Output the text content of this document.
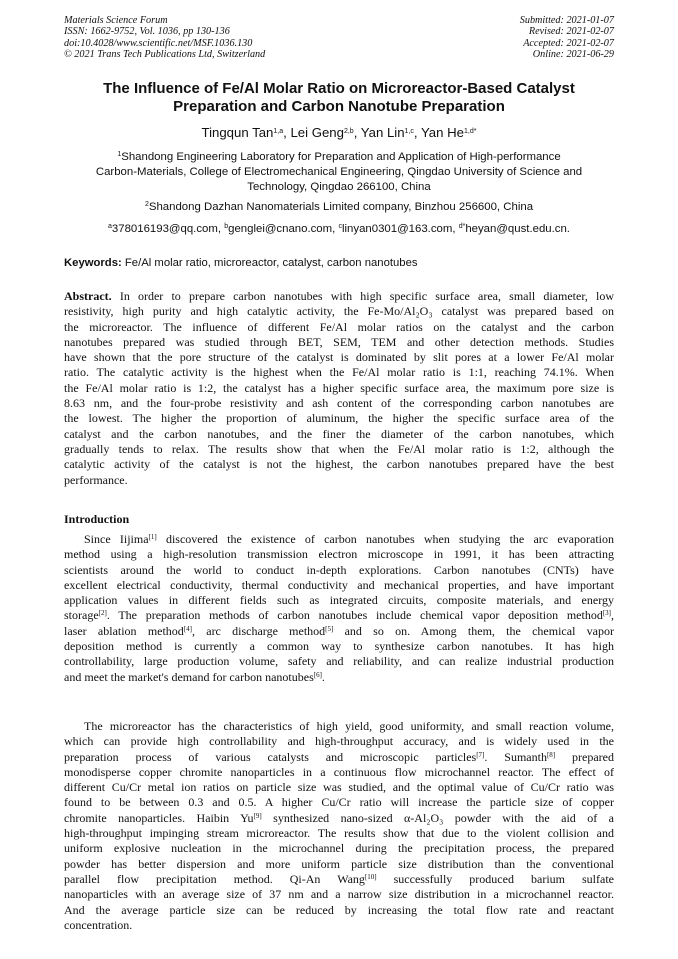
Materials Science Forum
ISSN: 1662-9752, Vol. 1036, pp 130-136
doi:10.4028/www.scientific.net/MSF.1036.130
© 2021 Trans Tech Publications Ltd, Switzerland
Submitted: 2021-01-07
Revised: 2021-02-07
Accepted: 2021-02-07
Online: 2021-06-29
The Influence of Fe/Al Molar Ratio on Microreactor-Based Catalyst
Preparation and Carbon Nanotube Preparation
Tingqun Tan$^{1,a}$, Lei Geng$^{2,b}$, Yan Lin$^{1,c}$, Yan $He^{1,d*}$
$^1$Shandong Engineering Laboratory for Preparation and Application of High-performance
Carbon-Materials, College of Electromechanical Engineering, Qingdao University of Science and
Technology, Qingdao 266100, China
$^2$Shandong Dazhan Nanomaterials Limited company, Binzhou 256600, China
$^a$378016193@qq.com, $^b$genglei@cnano.com, $^c$linyan0301@163.com, $^{d*}$heyan@qust.edu.cn.
Keywords: Fe/Al molar ratio, microreactor, catalyst, carbon nanotubes
Abstract. In order to prepare carbon nanotubes with high specific surface area, small diameter, low
resistivity, high purity and high catalytic activity, the Fe-Mo/Al₂O₃ catalyst was prepared based on
the microreactor. The influence of different Fe/Al molar ratios on the catalyst and the carbon
nanotubes prepared was studied through BET, SEM, TEM and other detection methods. Studies
have shown that the pore structure of the catalyst is dominated by slit pores at a lower Fe/Al molar
ratio. The catalytic activity is the highest when the Fe/Al molar ratio is 1:1, reaching 74.1%. When
the Fe/Al molar ratio is 1:2, the catalyst has a higher specific surface area, the maximum pore size is
8.63 nm, and the four-probe resistivity and ash content of the corresponding carbon nanotubes are
the lowest. The higher the proportion of aluminum, the higher the specific surface area of the
catalyst and the carbon nanotubes, and the finer the diameter of the carbon nanotubes, which
gradually tends to relax. The results show that when the Fe/Al molar ratio is 1:2, although the
catalytic activity of the catalyst is not the highest, the carbon nanotubes prepared have the best
performance.
Introduction
Since Iijima[1] discovered the existence of carbon nanotubes when studying the arc evaporation
method using a high-resolution transmission electron microscope in 1991, it has been attracting
scientists around the world to conduct in-depth explorations. Carbon nanotubes (CNTs) have
excellent electrical conductivity, thermal conductivity and mechanical properties, and have important
application values in different fields such as integrated circuits, composite materials, and energy
storage[2]. The preparation methods of carbon nanotubes include chemical vapor deposition method[3],
laser ablation method[4], arc discharge method[5] and so on. Among them, the chemical vapor
deposition method is currently a common way to synthesize carbon nanotubes. It has high
controllability, large production volume, safety and reliability, and can realize industrial production
and meet the market's demand for carbon nanotubes[6].
The microreactor has the characteristics of high yield, good uniformity, and small reaction volume,
which can provide high controllability and high-throughput accuracy, and is widely used in the
preparation process of various catalysts and microscopic particles[7]. Sumanth[8] prepared
monodisperse copper chromite nanoparticles in a continuous flow microchannel reactor. The effect of
different Cu/Cr metal ion ratios on particle size was studied, and the optimal value of Cu/Cr ratio was
found to be between 0.3 and 0.5. A higher Cu/Cr ratio will increase the particle size of copper
chromite nanoparticles. Haibin Yu[9] synthesized nano-sized α-Al₂O₃ powder with the aid of a
high-throughput impinging stream microreactor. The results show that due to the violent collision and
uniform explosive nucleation in the microchannel during the precipitation process, the prepared
powder has better dispersion and more uniform particle size distribution than the conventional
parallel flow precipitation method. Qi-An Wang[10] successfully produced barium sulfate
nanoparticles with an average size of 37 nm and a narrow size distribution in a microchannel reactor.
And the average particle size can be reduced by increasing the total flow rate and reactant
concentration.
